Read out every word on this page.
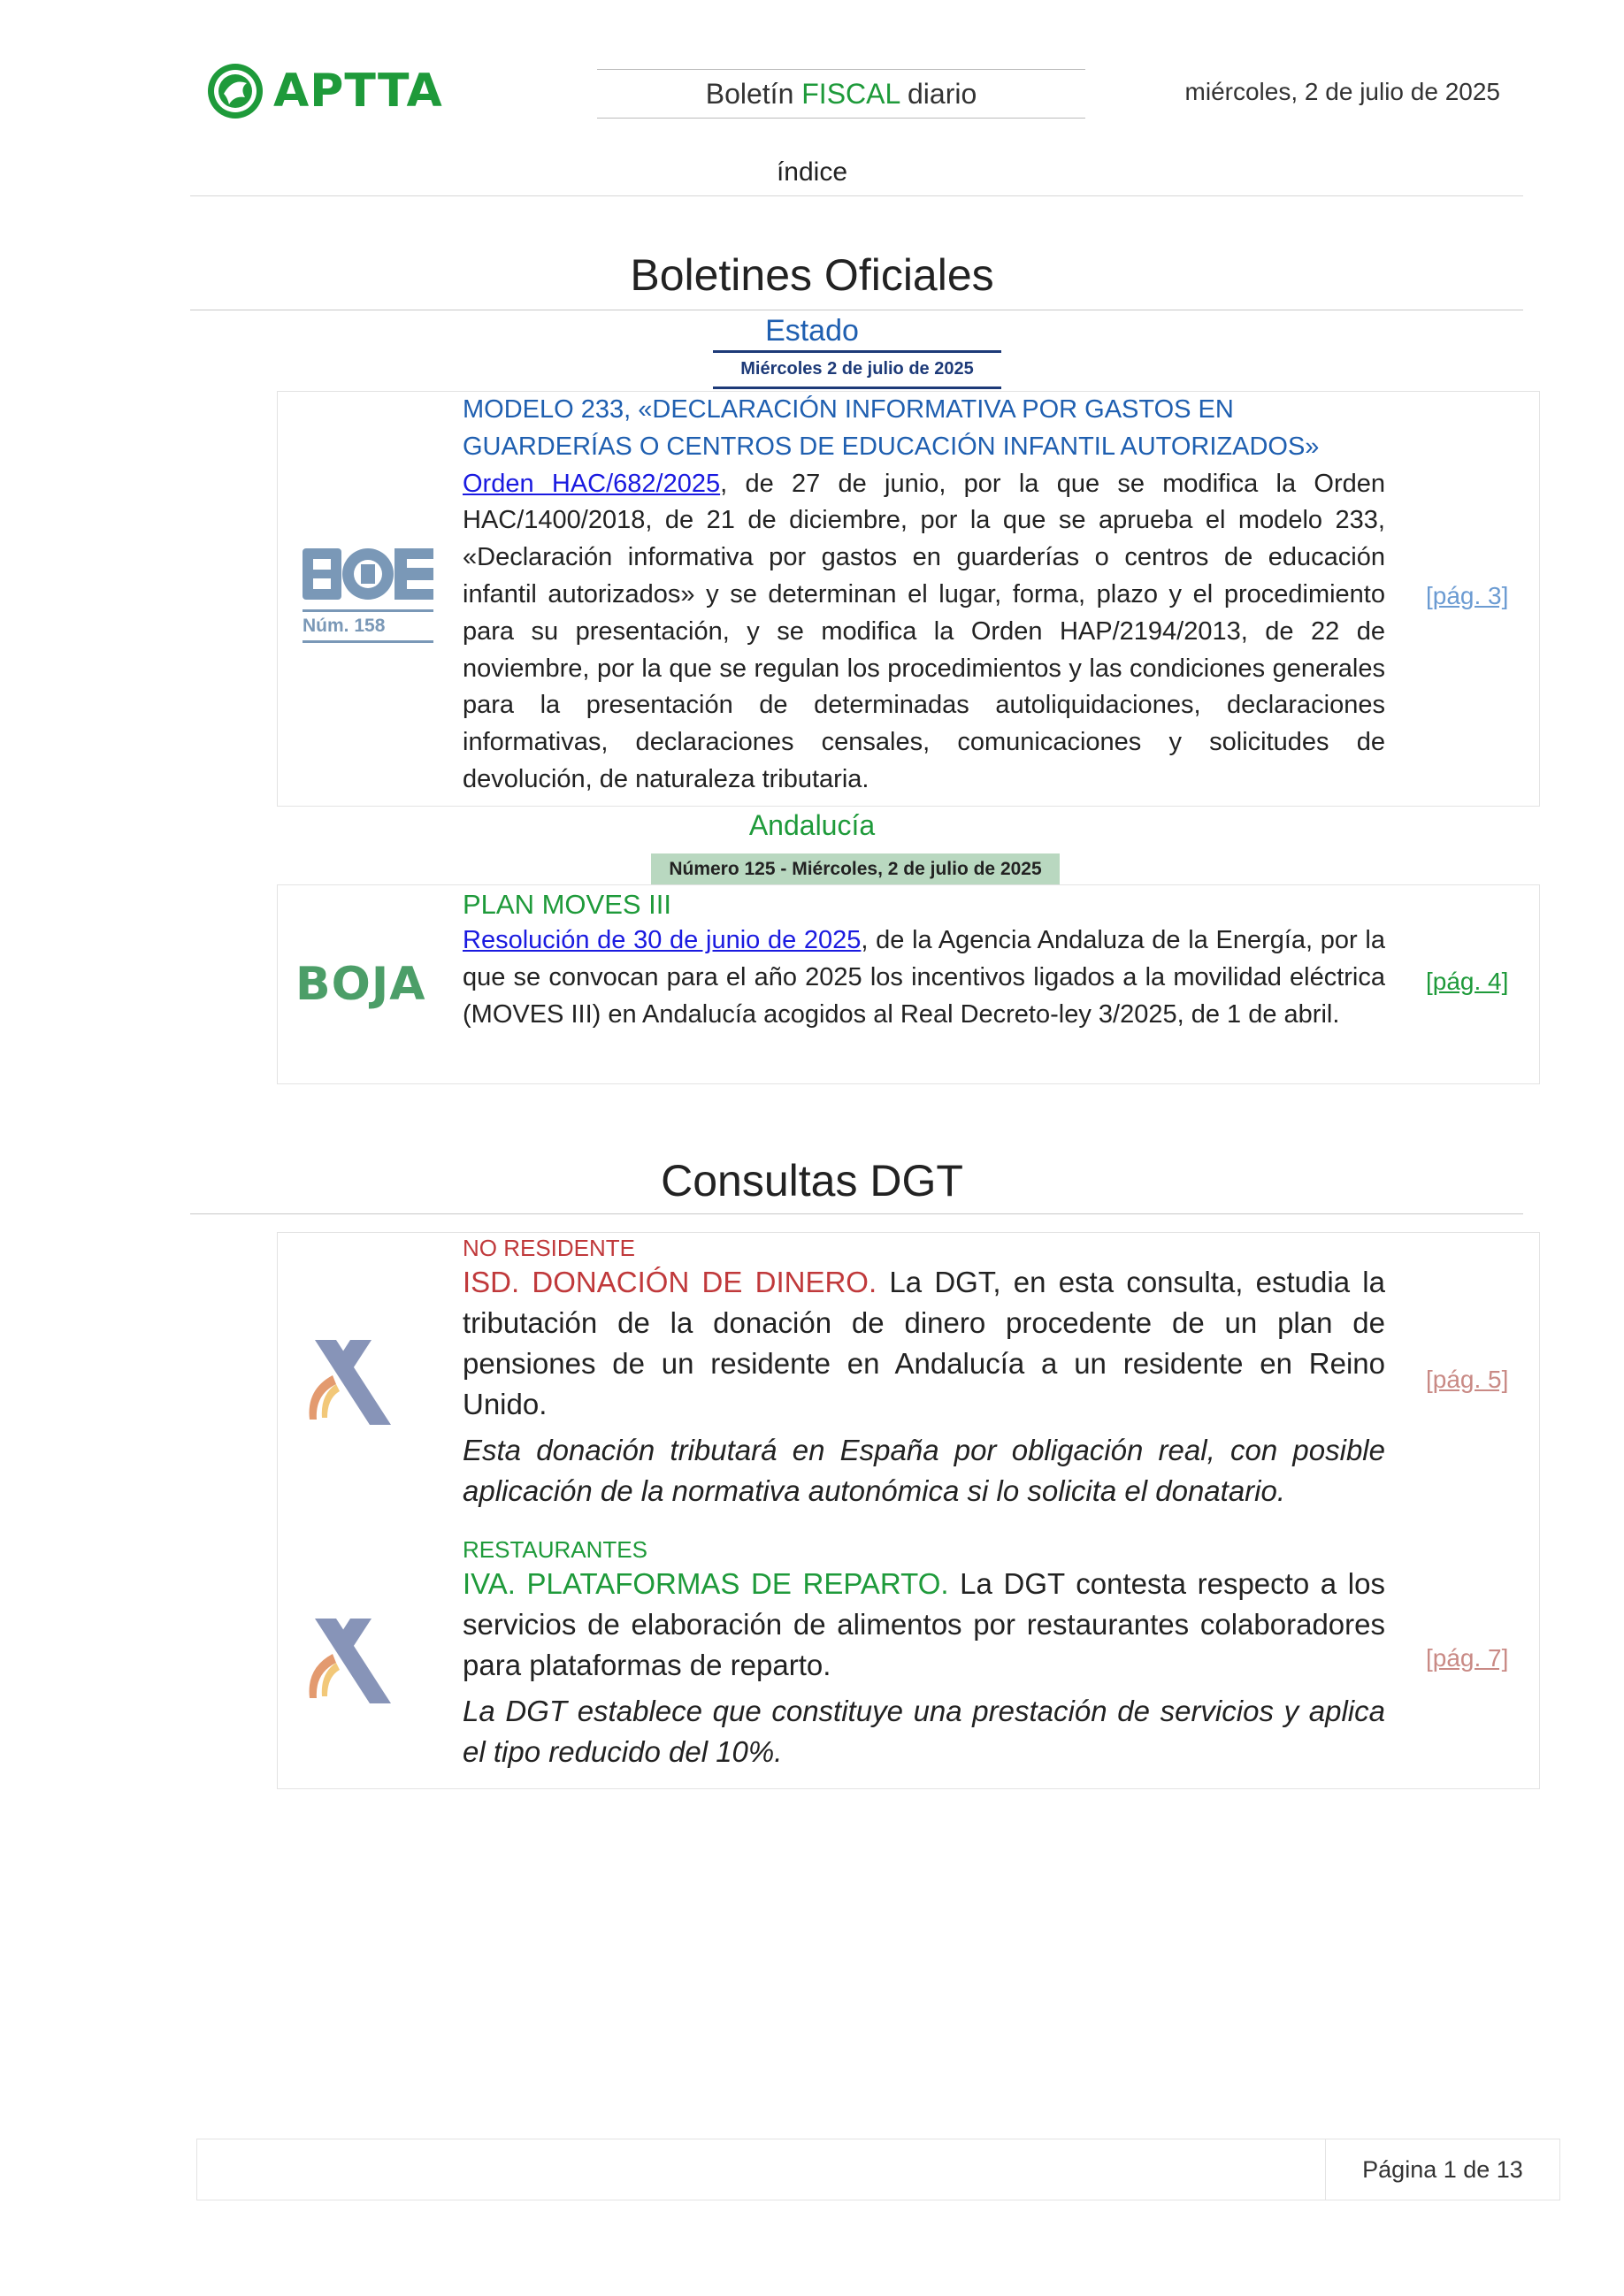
APTTA	Boletín FISCAL diario	miércoles, 2 de julio de 2025
índice
Boletines Oficiales
Estado
Miércoles 2 de julio de 2025
Núm. 158
MODELO 233, «DECLARACIÓN INFORMATIVA POR GASTOS EN GUARDERÍAS O CENTROS DE EDUCACIÓN INFANTIL AUTORIZADOS»
Orden HAC/682/2025, de 27 de junio, por la que se modifica la Orden HAC/1400/2018, de 21 de diciembre, por la que se aprueba el modelo 233, «Declaración informativa por gastos en guarderías o centros de educación infantil autorizados» y se determinan el lugar, forma, plazo y el procedimiento para su presentación, y se modifica la Orden HAP/2194/2013, de 22 de noviembre, por la que se regulan los procedimientos y las condiciones generales para la presentación de determinadas autoliquidaciones, declaraciones informativas, declaraciones censales, comunicaciones y solicitudes de devolución, de naturaleza tributaria.
[pág. 3]
Andalucía
Número 125 - Miércoles, 2 de julio de 2025
BOJA
PLAN MOVES III
Resolución de 30 de junio de 2025, de la Agencia Andaluza de la Energía, por la que se convocan para el año 2025 los incentivos ligados a la movilidad eléctrica (MOVES III) en Andalucía acogidos al Real Decreto-ley 3/2025, de 1 de abril.
[pág. 4]
Consultas DGT
NO RESIDENTE
ISD. DONACIÓN DE DINERO. La DGT, en esta consulta, estudia la tributación de la donación de dinero procedente de un plan de pensiones de un residente en Andalucía a un residente en Reino Unido.
Esta donación tributará en España por obligación real, con posible aplicación de la normativa autonómica si lo solicita el donatario.
[pág. 5]
RESTAURANTES
IVA. PLATAFORMAS DE REPARTO. La DGT contesta respecto a los servicios de elaboración de alimentos por restaurantes colaboradores para plataformas de reparto.
La DGT establece que constituye una prestación de servicios y aplica el tipo reducido del 10%.
[pág. 7]
Página 1 de 13
